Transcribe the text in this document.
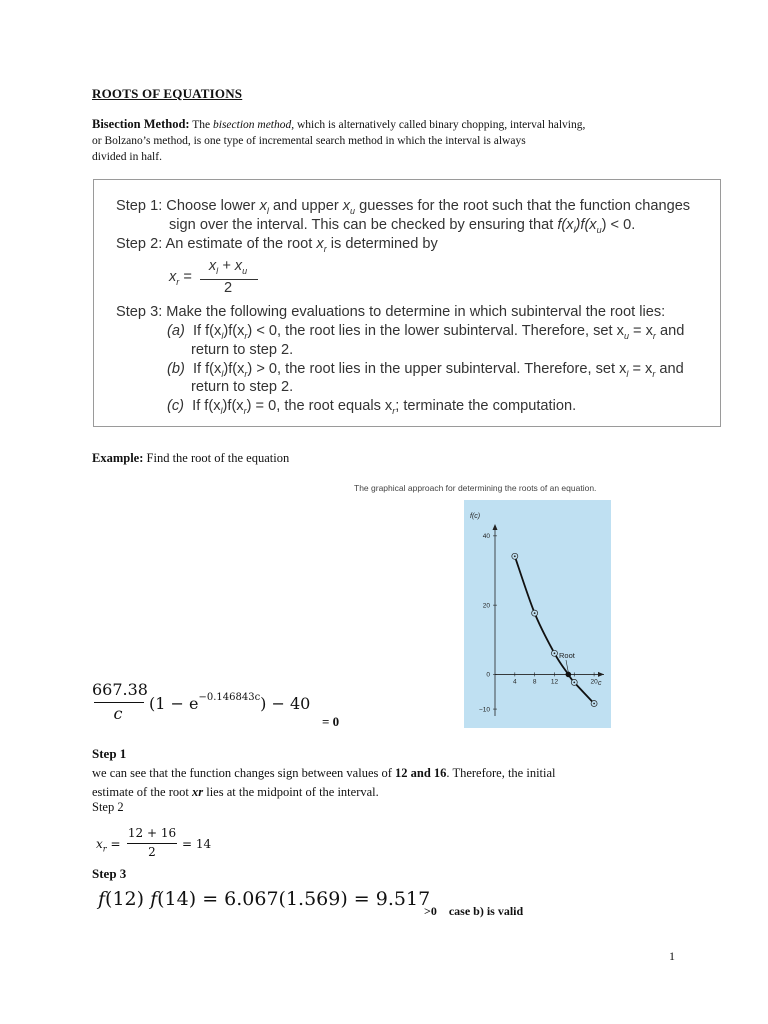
ROOTS OF EQUATIONS
Bisection Method: The bisection method, which is alternatively called binary chopping, interval halving,
or Bolzano’s method, is one type of incremental search method in which the interval is always
divided in half.
Step 1: Choose lower $x_l$ and upper $x_u$ guesses for the root such that the function changes
sign over the interval. This can be checked by ensuring that $f(x_l)f(x_u) < 0$.
Step 2: An estimate of the root $x_r$ is determined by
$x_r$ =
$x_l + x_u$
2
Step 3: Make the following evaluations to determine in which subinterval the root lies:
(a) If $f(x_l)f(x_r) < 0$, the root lies in the lower subinterval. Therefore, set $x_u = x_r$ and
return to step 2.
(b) If $f(x_l)f(x_r) > 0$, the root lies in the upper subinterval. Therefore, set $x_l = x_r$ and
return to step 2.
(c) If $f(x_l)f(x_r) = 0$, the root equals $x_r$; terminate the computation.
Example: Find the root of the equation
The graphical approach for determining the roots of an equation.
4 8 12	20
40
20
0
−10
f(c)
c
Root
667.38
c
$(1 - e^{-0.146843c}) - 40$
= 0
Step 1
we can see that the function changes sign between values of 12 and 16. Therefore, the initial
estimate of the root xr lies at the midpoint of the interval.
Step 2
$x_r$ =
12 + 16
2
= 14
Step 3
f(12) f(14) = 6.067(1.569) = 9.517
>0    case b) is valid
1
